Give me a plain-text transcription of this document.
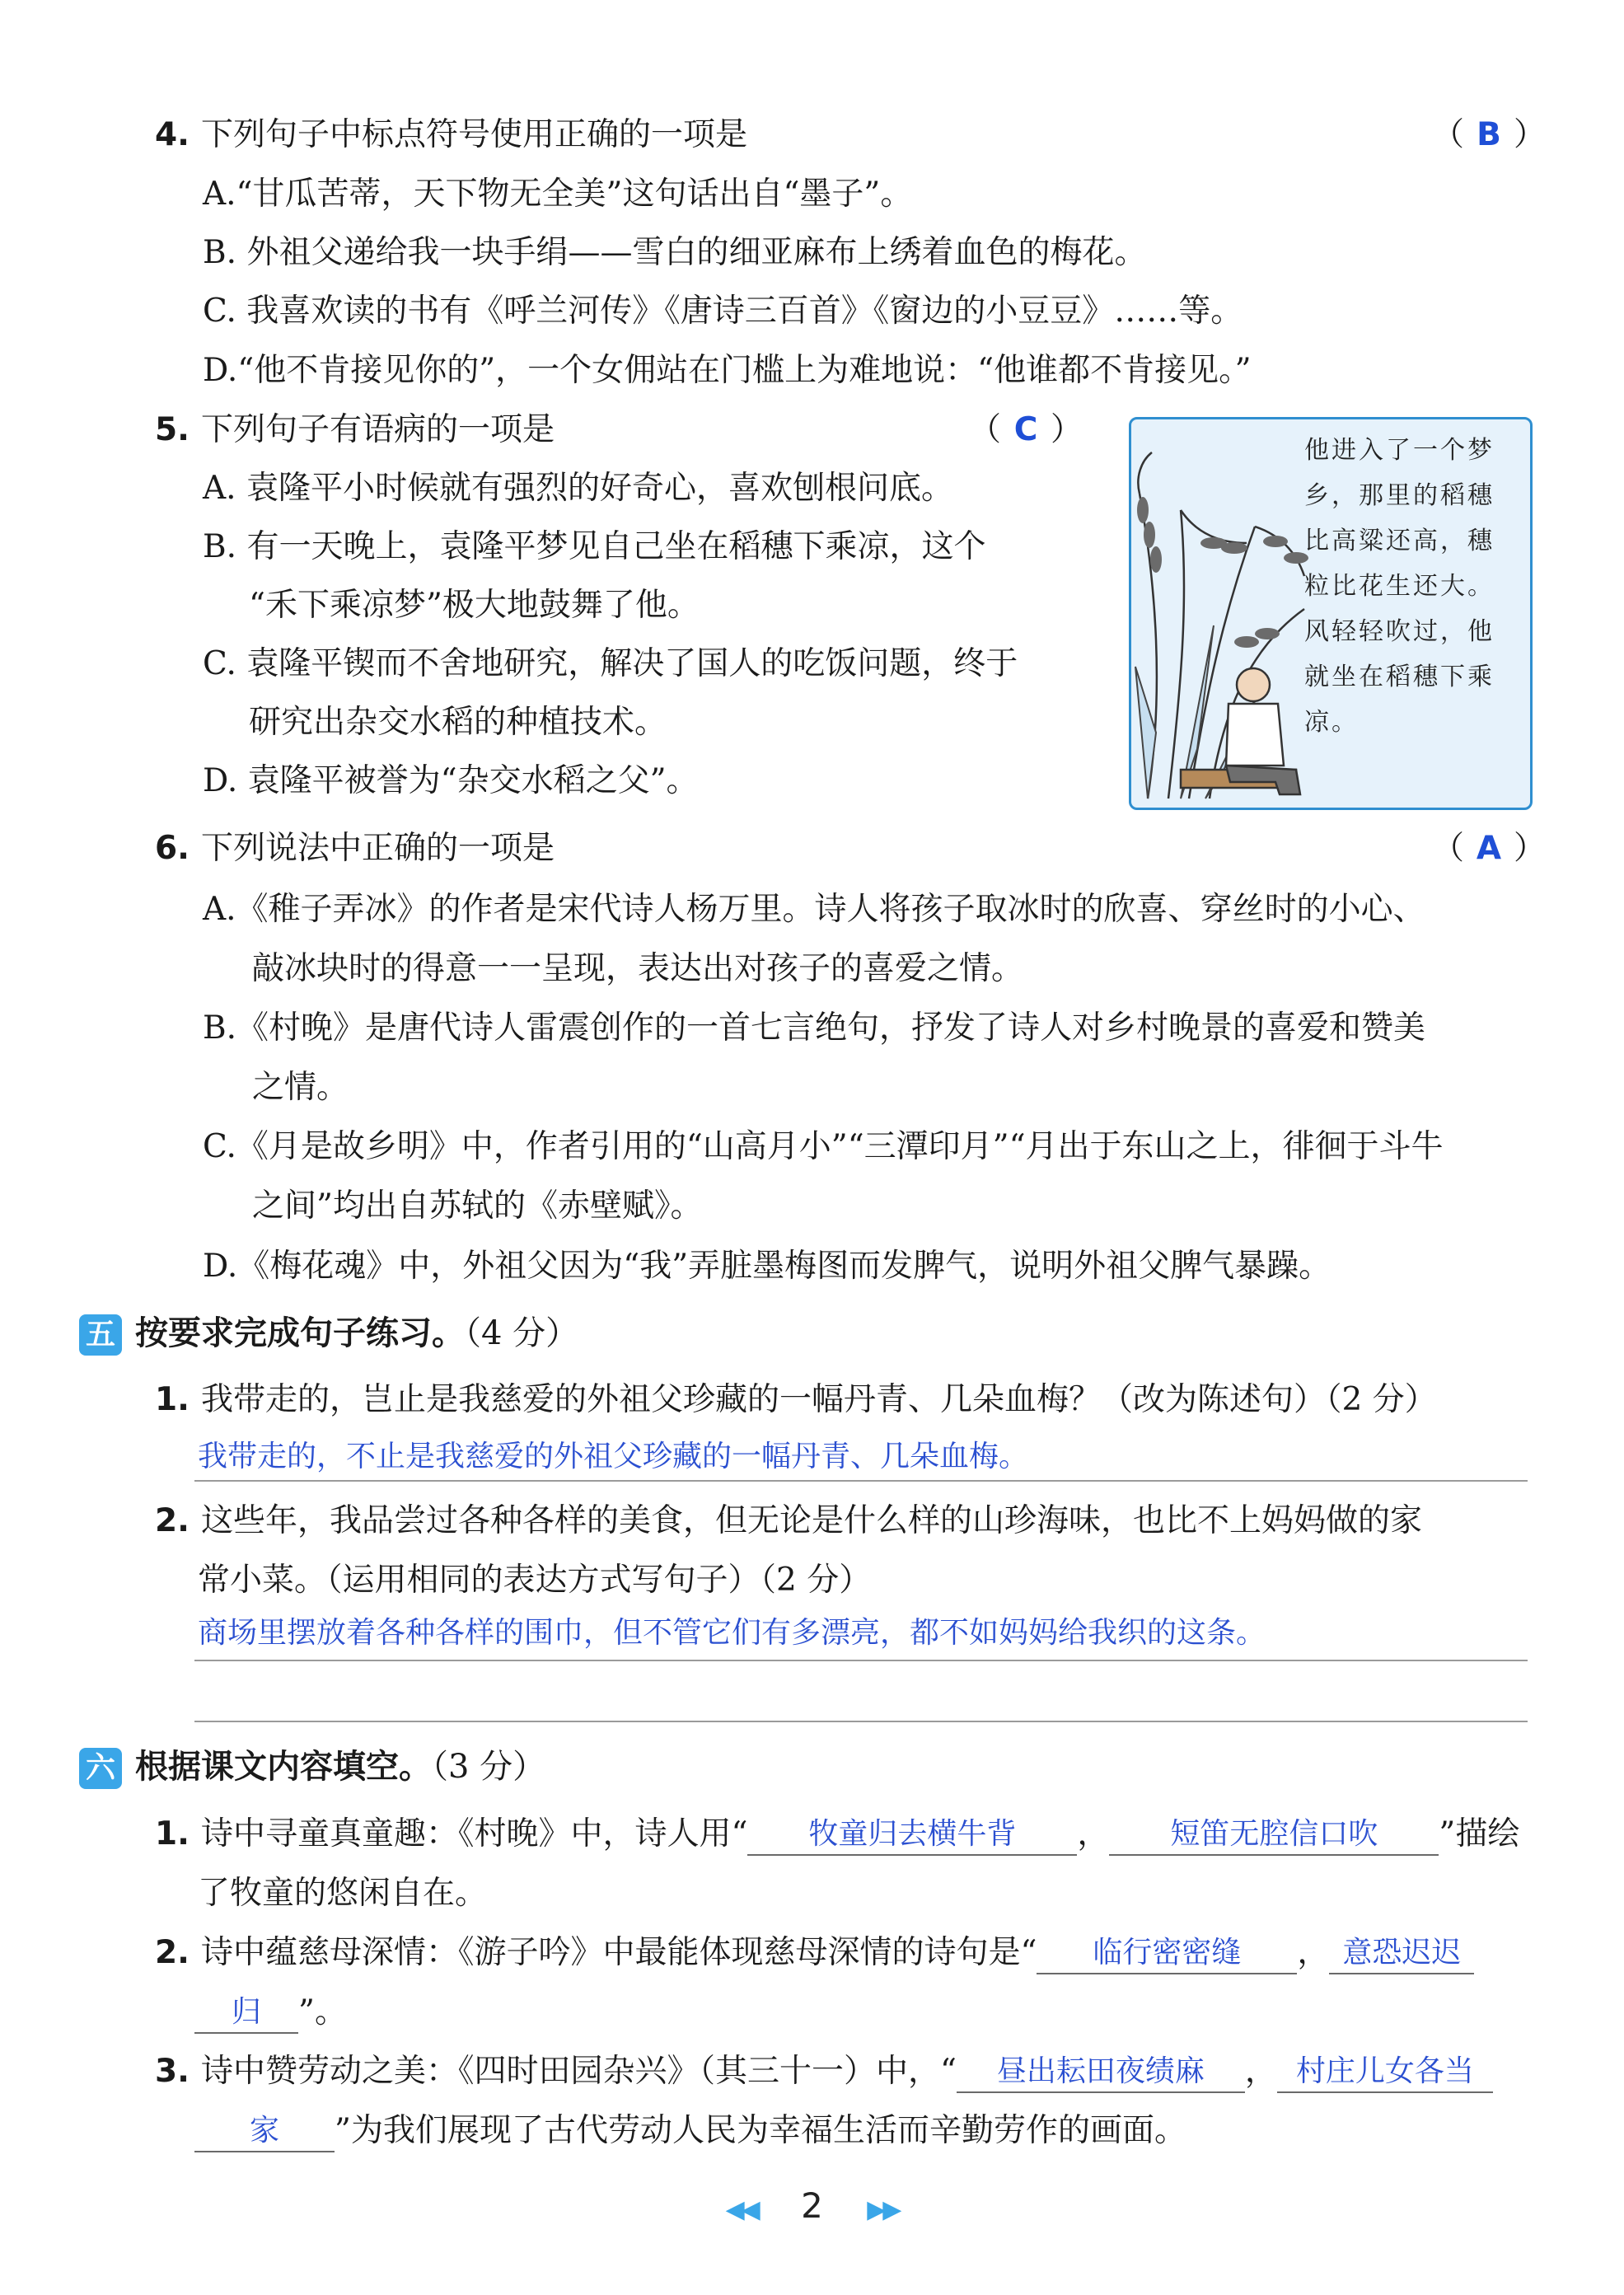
4. 下列句子中标点符号使用正确的一项是	（ B ）
A.“甘瓜苦蒂，天下物无全美”这句话出自“墨子”。
B. 外祖父递给我一块手绢——雪白的细亚麻布上绣着血色的梅花。
C. 我喜欢读的书有《呼兰河传》《唐诗三百首》《窗边的小豆豆》……等。
D.“他不肯接见你的”，一个女佣站在门槛上为难地说：“他谁都不肯接见。”
5. 下列句子有语病的一项是	（ C ）
A. 袁隆平小时候就有强烈的好奇心，喜欢刨根问底。
B. 有一天晚上，袁隆平梦见自己坐在稻穗下乘凉，这个
“禾下乘凉梦”极大地鼓舞了他。
C. 袁隆平锲而不舍地研究，解决了国人的吃饭问题，终于
研究出杂交水稻的种植技术。
D. 袁隆平被誉为“杂交水稻之父”。
他进入了一个梦乡，那里的稻穗比高粱还高，穗粒比花生还大。风轻轻吹过，他就坐在稻穗下乘凉。
6. 下列说法中正确的一项是	（ A ）
A.《稚子弄冰》的作者是宋代诗人杨万里。诗人将孩子取冰时的欣喜、穿丝时的小心、
敲冰块时的得意一一呈现，表达出对孩子的喜爱之情。
B.《村晚》是唐代诗人雷震创作的一首七言绝句，抒发了诗人对乡村晚景的喜爱和赞美
之情。
C.《月是故乡明》中，作者引用的“山高月小”“三潭印月”“月出于东山之上，徘徊于斗牛
之间”均出自苏轼的《赤壁赋》。
D.《梅花魂》中，外祖父因为“我”弄脏墨梅图而发脾气，说明外祖父脾气暴躁。
五 按要求完成句子练习。（4 分）
1. 我带走的，岂止是我慈爱的外祖父珍藏的一幅丹青、几朵血梅？（改为陈述句）（2 分）
我带走的，不止是我慈爱的外祖父珍藏的一幅丹青、几朵血梅。
2. 这些年，我品尝过各种各样的美食，但无论是什么样的山珍海味，也比不上妈妈做的家
常小菜。（运用相同的表达方式写句子）（2 分）
商场里摆放着各种各样的围巾，但不管它们有多漂亮，都不如妈妈给我织的这条。
六 根据课文内容填空。（3 分）
1. 诗中寻童真童趣：《村晚》中，诗人用“ 牧童归去横牛背 ， 短笛无腔信口吹 ”描绘
了牧童的悠闲自在。
2. 诗中蕴慈母深情：《游子吟》中最能体现慈母深情的诗句是“ 临行密密缝 ， 意恐迟迟
归 ”。
3. 诗中赞劳动之美：《四时田园杂兴》（其三十一）中，“ 昼出耘田夜绩麻 ， 村庄儿女各当
家 ”为我们展现了古代劳动人民为幸福生活而辛勤劳作的画面。
◀◀ 2 ▶▶
